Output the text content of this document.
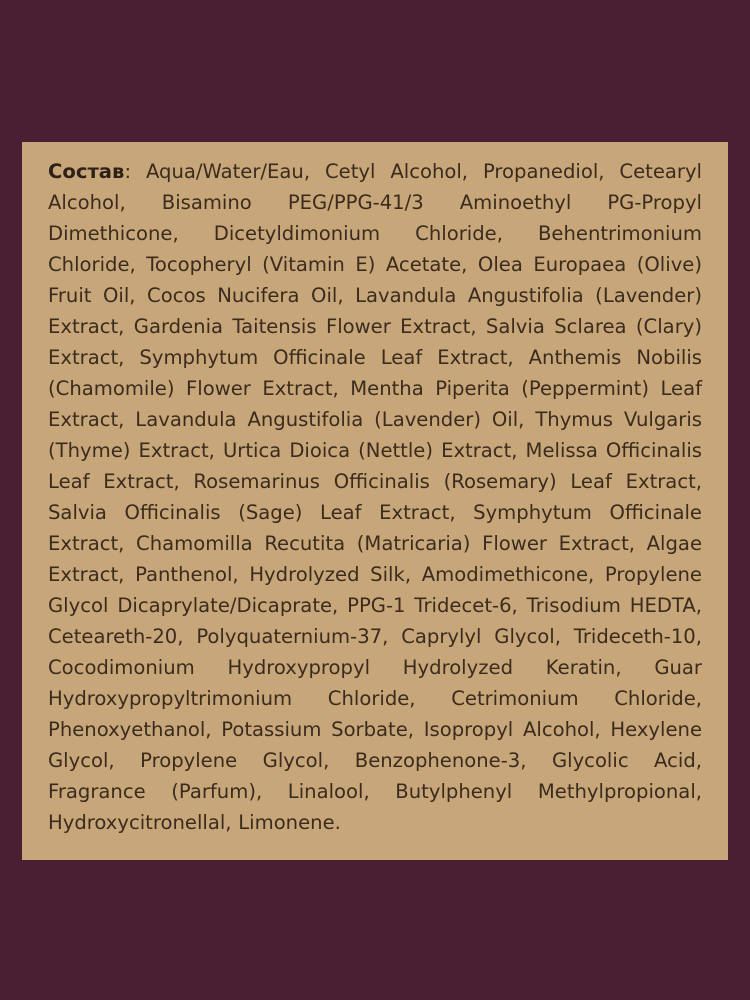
Состав: Aqua/Water/Eau, Cetyl Alcohol, Propanediol, Cetearyl Alcohol, Bisamino PEG/PPG-41/3 Aminoethyl PG-Propyl Dimethicone, Dicetyldimonium Chloride, Behentrimonium Chloride, Tocopheryl (Vitamin E) Acetate, Olea Europaea (Olive) Fruit Oil, Cocos Nucifera Oil, Lavandula Angustifolia (Lavender) Extract, Gardenia Taitensis Flower Extract, Salvia Sclarea (Clary) Extract, Symphytum Officinale Leaf Extract, Anthemis Nobilis (Chamomile) Flower Extract, Mentha Piperita (Peppermint) Leaf Extract, Lavandula Angustifolia (Lavender) Oil, Thymus Vulgaris (Thyme) Extract, Urtica Dioica (Nettle) Extract, Melissa Officinalis Leaf Extract, Rosemarinus Officinalis (Rosemary) Leaf Extract, Salvia Officinalis (Sage) Leaf Extract, Symphytum Officinale Extract, Chamomilla Recutita (Matricaria) Flower Extract, Algae Extract, Panthenol, Hydrolyzed Silk, Amodimethicone, Propylene Glycol Dicaprylate/Dicaprate, PPG-1 Tridecet-6, Trisodium HEDTA, Ceteareth-20, Polyquaternium-37, Caprylyl Glycol, Trideceth-10, Cocodimonium Hydroxypropyl Hydrolyzed Keratin, Guar Hydroxypropyltrimonium Chloride, Cetrimonium Chloride, Phenoxyethanol, Potassium Sorbate, Isopropyl Alcohol, Hexylene Glycol, Propylene Glycol, Benzophenone-3, Glycolic Acid, Fragrance (Parfum), Linalool, Butylphenyl Methylpropional, Hydroxycitronellal, Limonene.
